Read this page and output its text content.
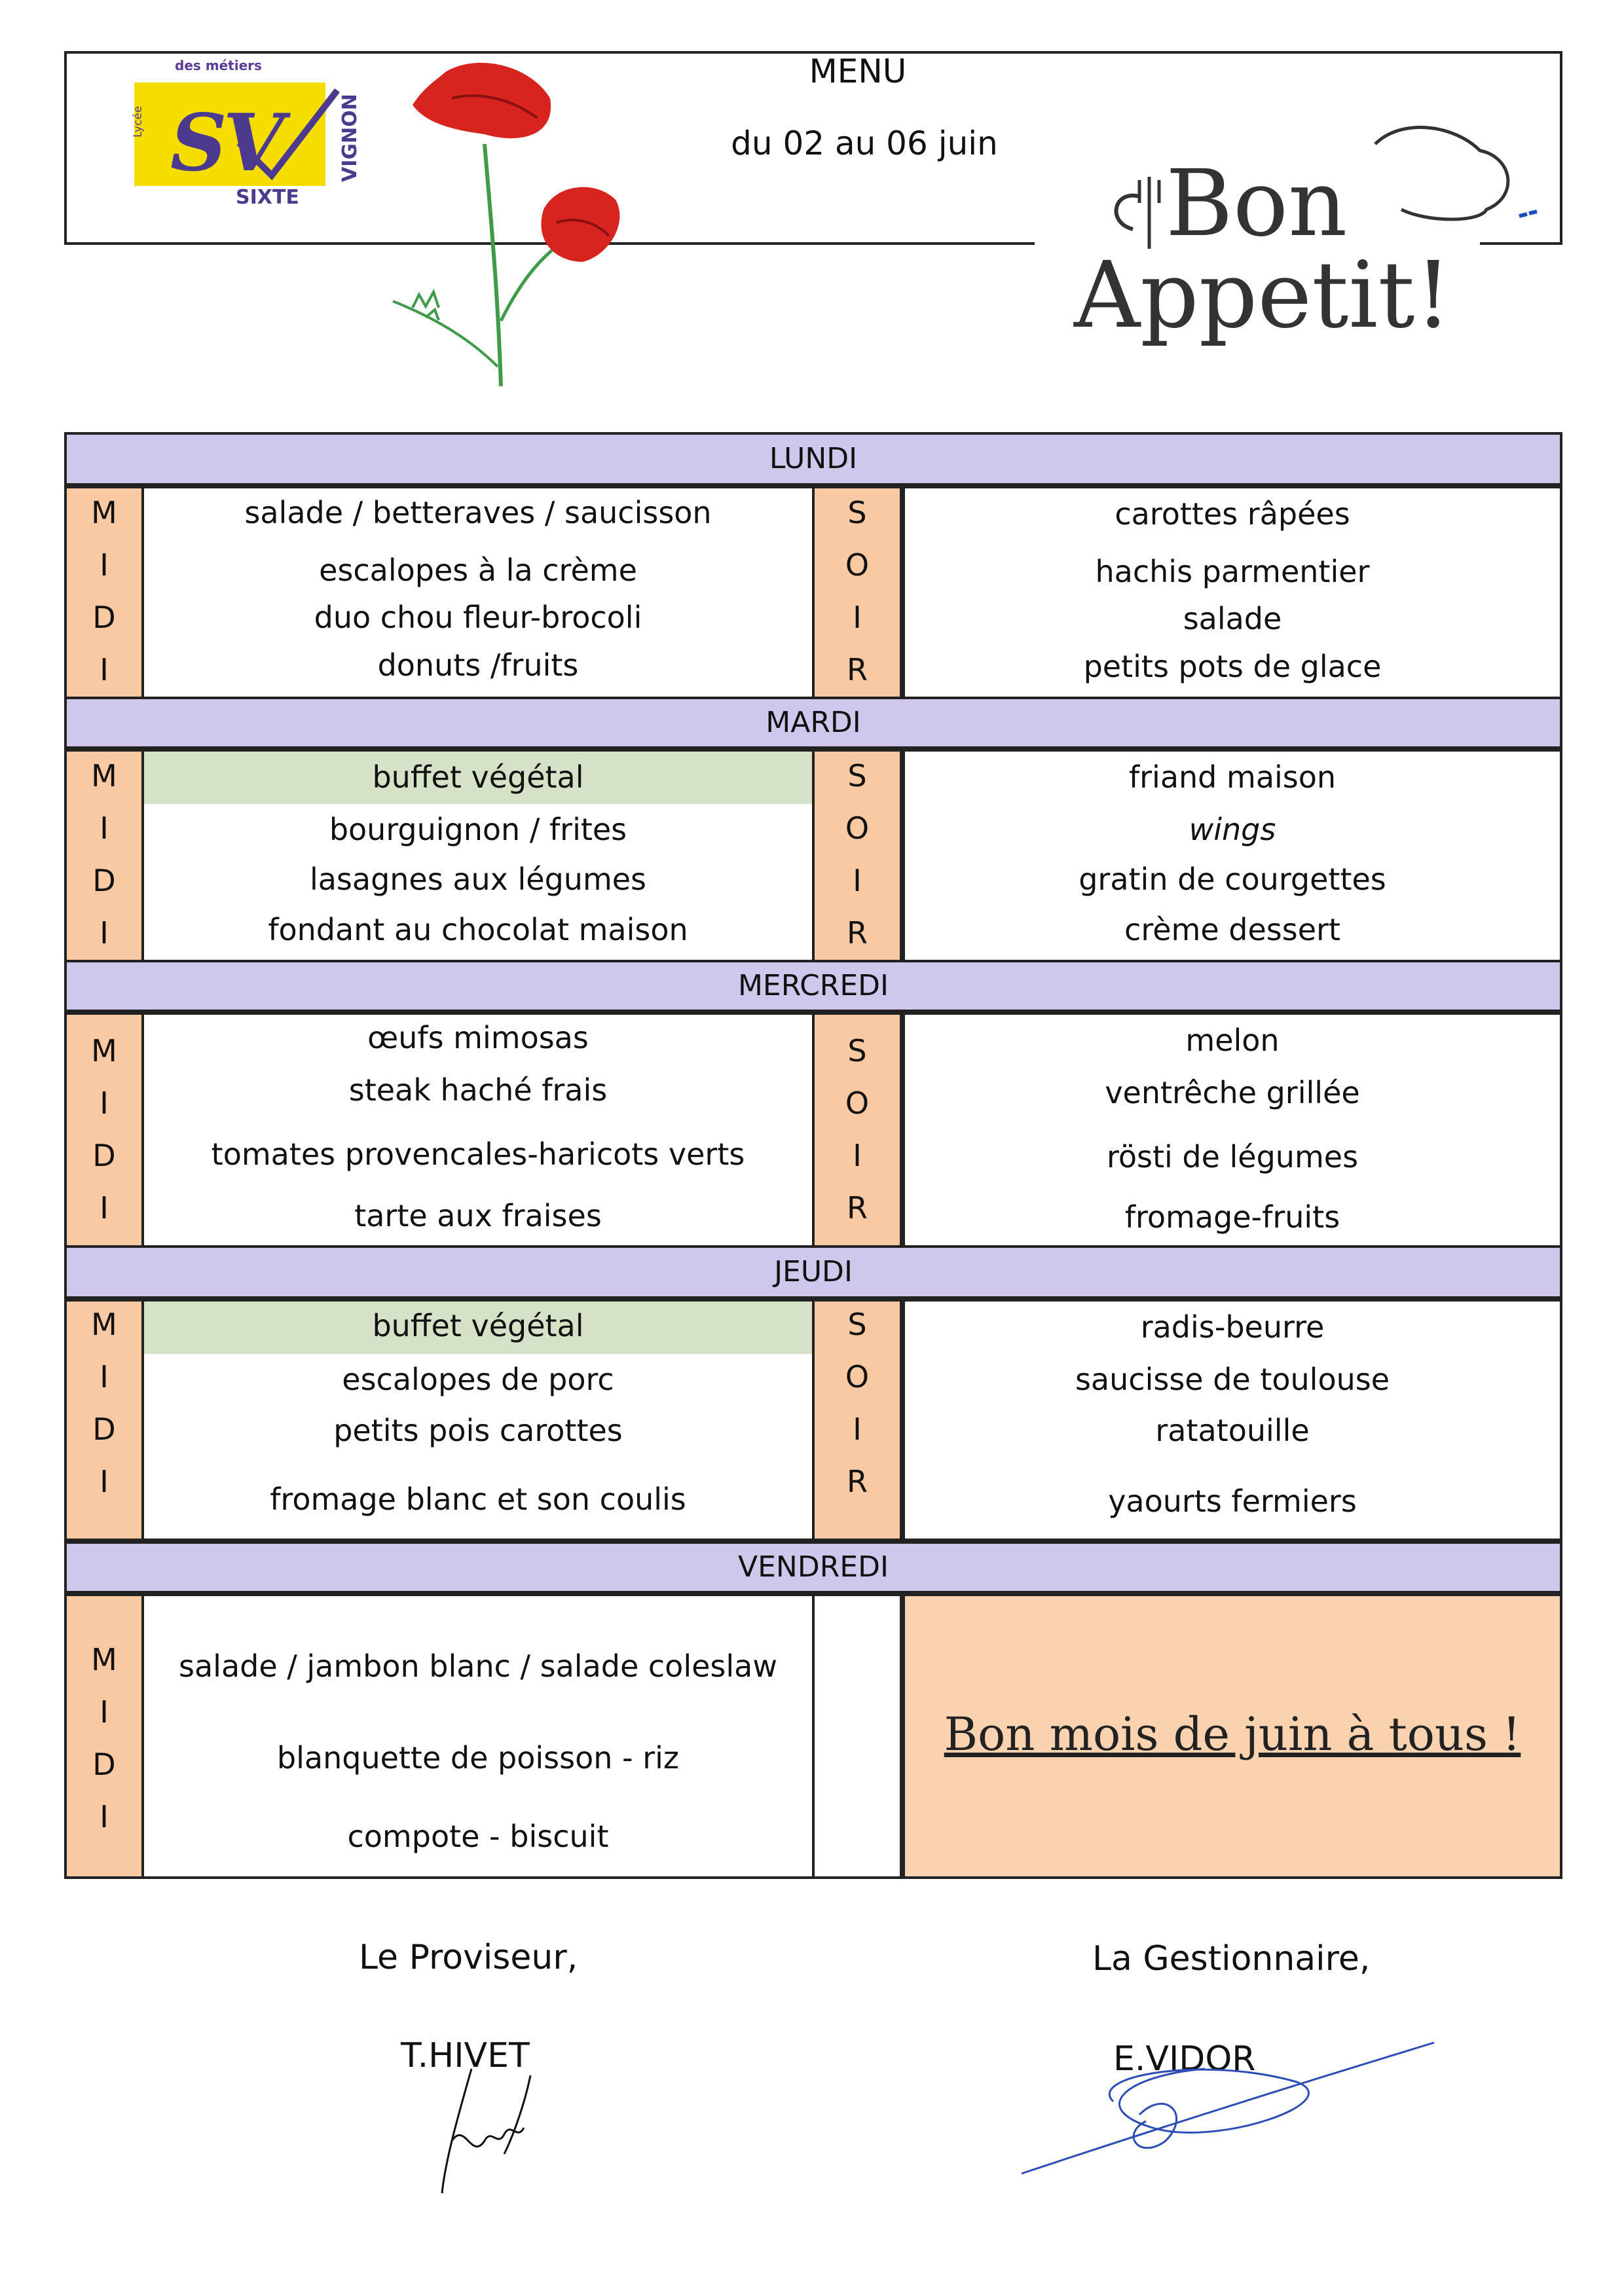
des métiers
Lycée SV
SIXTE
VIGNON
MENU
du 02 au 06 juin
Bon
Appetit!
LUNDI
M
I
D
I
salade / betteraves / saucisson
escalopes à la crème
duo chou fleur-brocoli
donuts /fruits
S
O
I
R
carottes râpées
hachis parmentier
salade
petits pots de glace
MARDI
M
I
D
I
buffet végétal
bourguignon / frites
lasagnes aux légumes
fondant au chocolat maison
S
O
I
R
friand maison
wings
gratin de courgettes
crème dessert
MERCREDI
M
I
D
I
œufs mimosas
steak haché frais
tomates provencales-haricots verts
tarte aux fraises
S
O
I
R
melon
ventrêche grillée
rösti de légumes
fromage-fruits
JEUDI
M
I
D
I
buffet végétal
escalopes de porc
petits pois carottes
fromage blanc et son coulis
S
O
I
R
radis-beurre
saucisse de toulouse
ratatouille
yaourts fermiers
VENDREDI
M
I
D
I
salade / jambon blanc / salade coleslaw
blanquette de poisson - riz
compote - biscuit
Bon mois de juin à tous !
Le Proviseur,
T.HIVET
La Gestionnaire,
E.VIDOR
